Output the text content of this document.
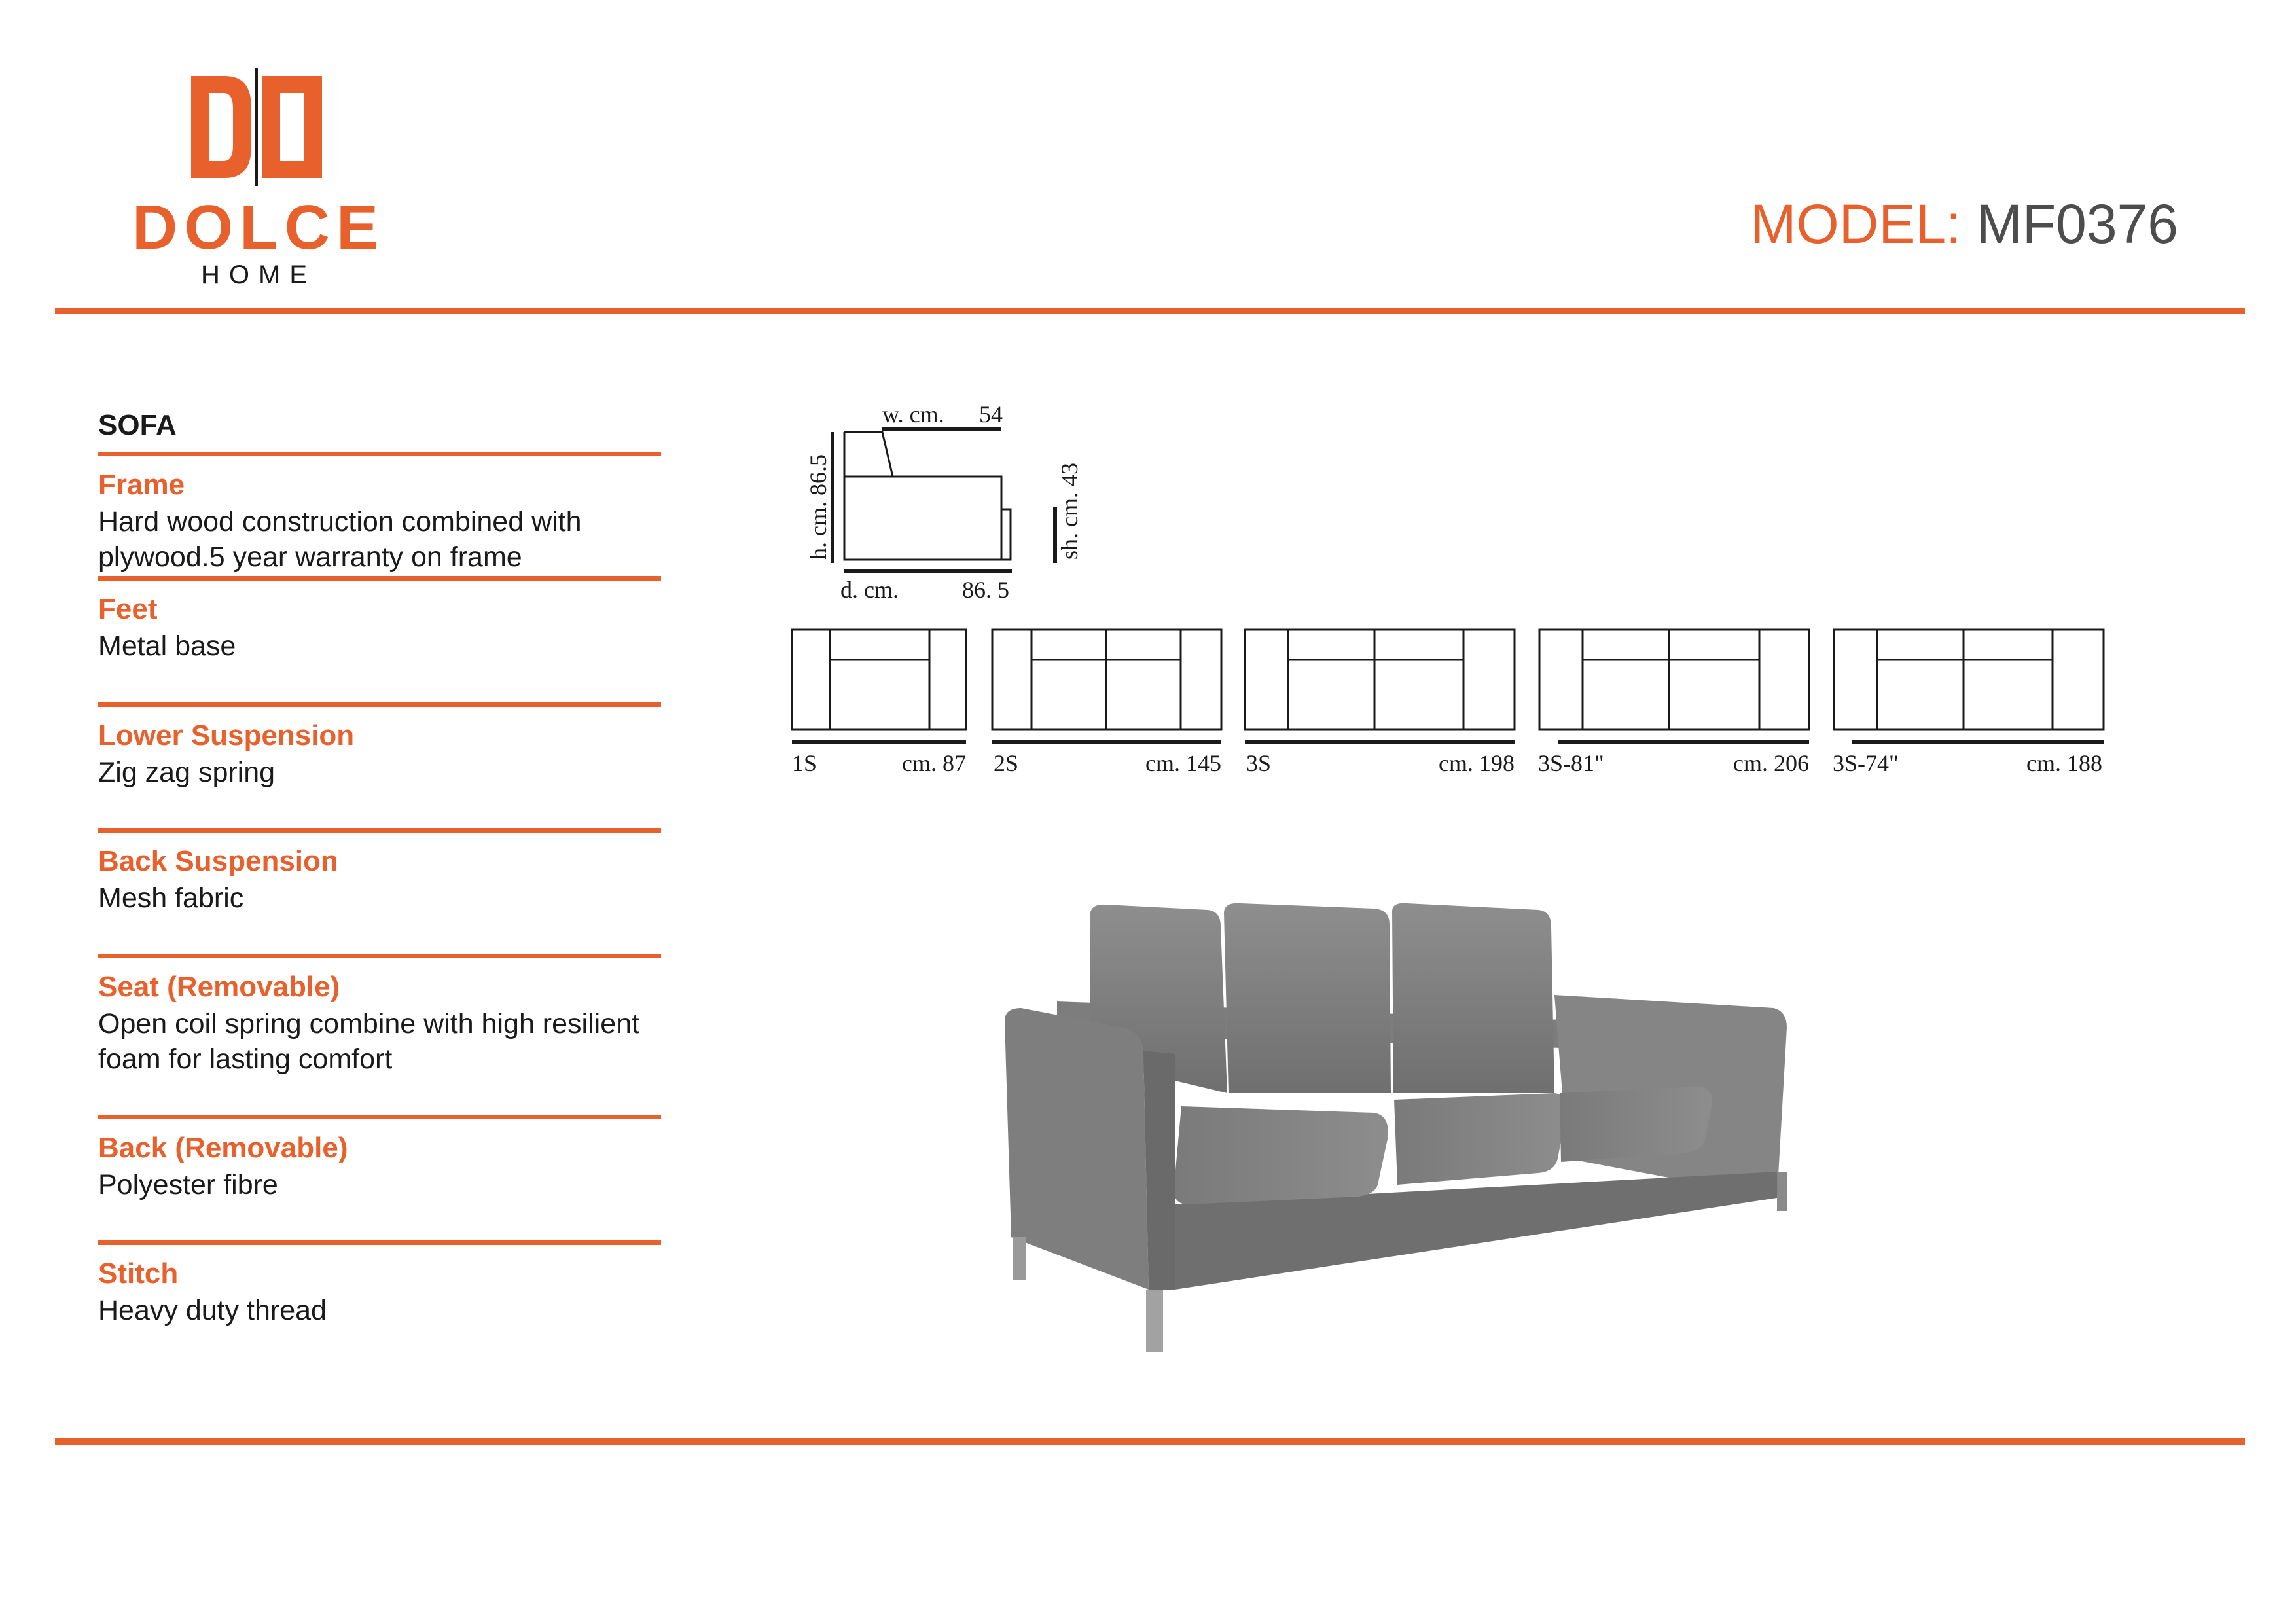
DOLCE
HOME
MODEL: MF0376
SOFA
Frame
Hard wood construction combined with plywood.5 year warranty on frame
Feet
Metal base
Lower Suspension
Zig zag spring
Back Suspension
Mesh fabric
Seat (Removable)
Open coil spring combine with high resilient foam for lasting comfort
Back (Removable)
Polyester fibre
Stitch
Heavy duty thread
w. cm. 54
h. cm. 86.5	sh. cm. 43
d. cm.	86. 5
1S	cm. 87 2S	cm. 145 3S	cm. 198 3S-81"	cm. 206 3S-74"	cm. 188
